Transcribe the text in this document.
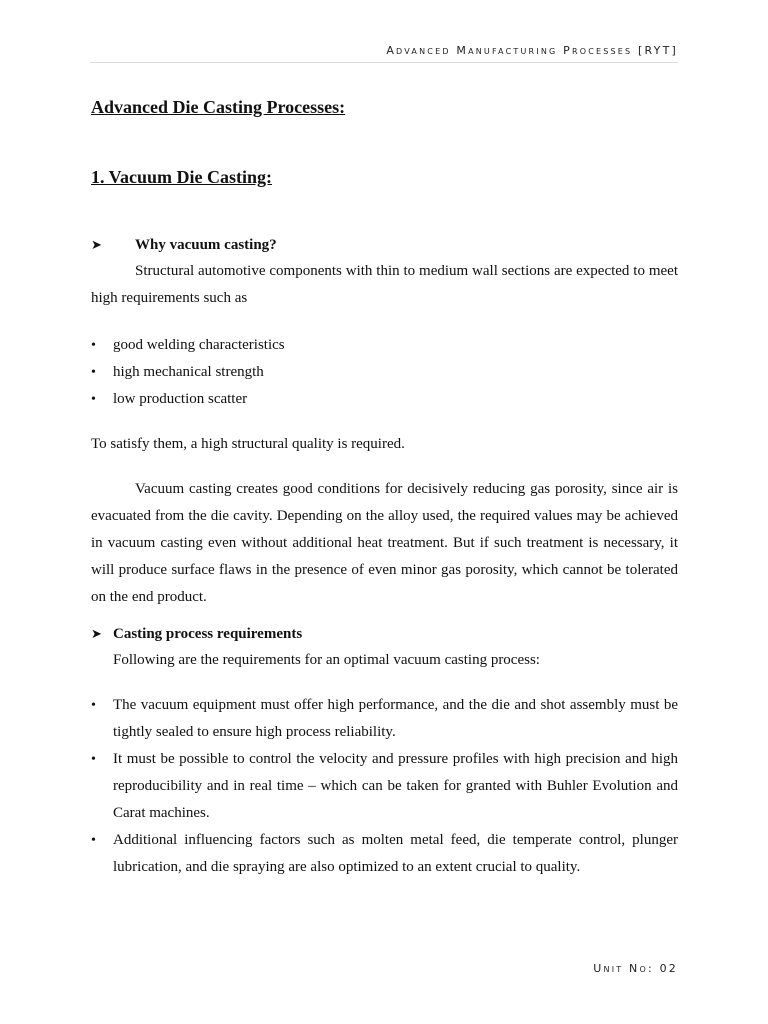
Advanced Manufacturing Processes [RYT]
Advanced Die Casting Processes:
1. Vacuum Die Casting:
➤	Why vacuum casting?

Structural automotive components with thin to medium wall sections are expected to meet high requirements such as

• good welding characteristics
• high mechanical strength
• low production scatter

To satisfy them, a high structural quality is required.

Vacuum casting creates good conditions for decisively reducing gas porosity, since air is evacuated from the die cavity. Depending on the alloy used, the required values may be achieved in vacuum casting even without additional heat treatment. But if such treatment is necessary, it will produce surface flaws in the presence of even minor gas porosity, which cannot be tolerated on the end product.

➤ Casting process requirements

Following are the requirements for an optimal vacuum casting process:

• The vacuum equipment must offer high performance, and the die and shot assembly must be tightly sealed to ensure high process reliability.
• It must be possible to control the velocity and pressure profiles with high precision and high reproducibility and in real time – which can be taken for granted with Buhler Evolution and Carat machines.
• Additional influencing factors such as molten metal feed, die temperate control, plunger lubrication, and die spraying are also optimized to an extent crucial to quality.
Unit No: 02
